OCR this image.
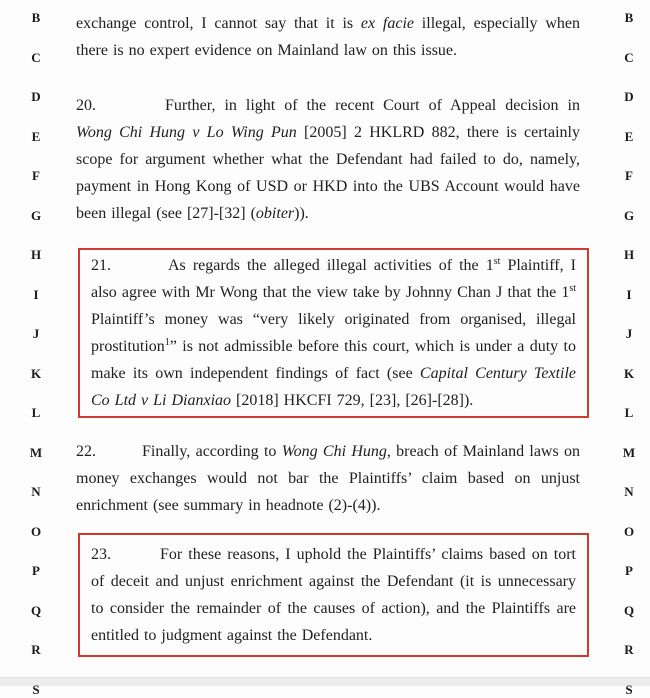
B
C
D
E
F
G
H
I
J
K
L
M
N
O
P
Q
R
S
B
C
D
E
F
G
H
I
J
K
L
M
N
O
P
Q
R
S

exchange control, I cannot say that it is ex facie illegal, especially when there is no expert evidence on Mainland law on this issue.

20.	Further, in light of the recent Court of Appeal decision in Wong Chi Hung v Lo Wing Pun [2005] 2 HKLRD 882, there is certainly scope for argument whether what the Defendant had failed to do, namely, payment in Hong Kong of USD or HKD into the UBS Account would have been illegal (see [27]-[32] (obiter)).

21.	As regards the alleged illegal activities of the 1st Plaintiff, I also agree with Mr Wong that the view take by Johnny Chan J that the 1st Plaintiff’s money was “very likely originated from organised, illegal prostitution$^1$” is not admissible before this court, which is under a duty to make its own independent findings of fact (see Capital Century Textile Co Ltd v Li Dianxiao [2018] HKCFI 729, [23], [26]-[28]).

22.	Finally, according to Wong Chi Hung, breach of Mainland laws on money exchanges would not bar the Plaintiffs’ claim based on unjust enrichment (see summary in headnote (2)-(4)).

23.	For these reasons, I uphold the Plaintiffs’ claims based on tort of deceit and unjust enrichment against the Defendant (it is unnecessary to consider the remainder of the causes of action), and the Plaintiffs are entitled to judgment against the Defendant.
